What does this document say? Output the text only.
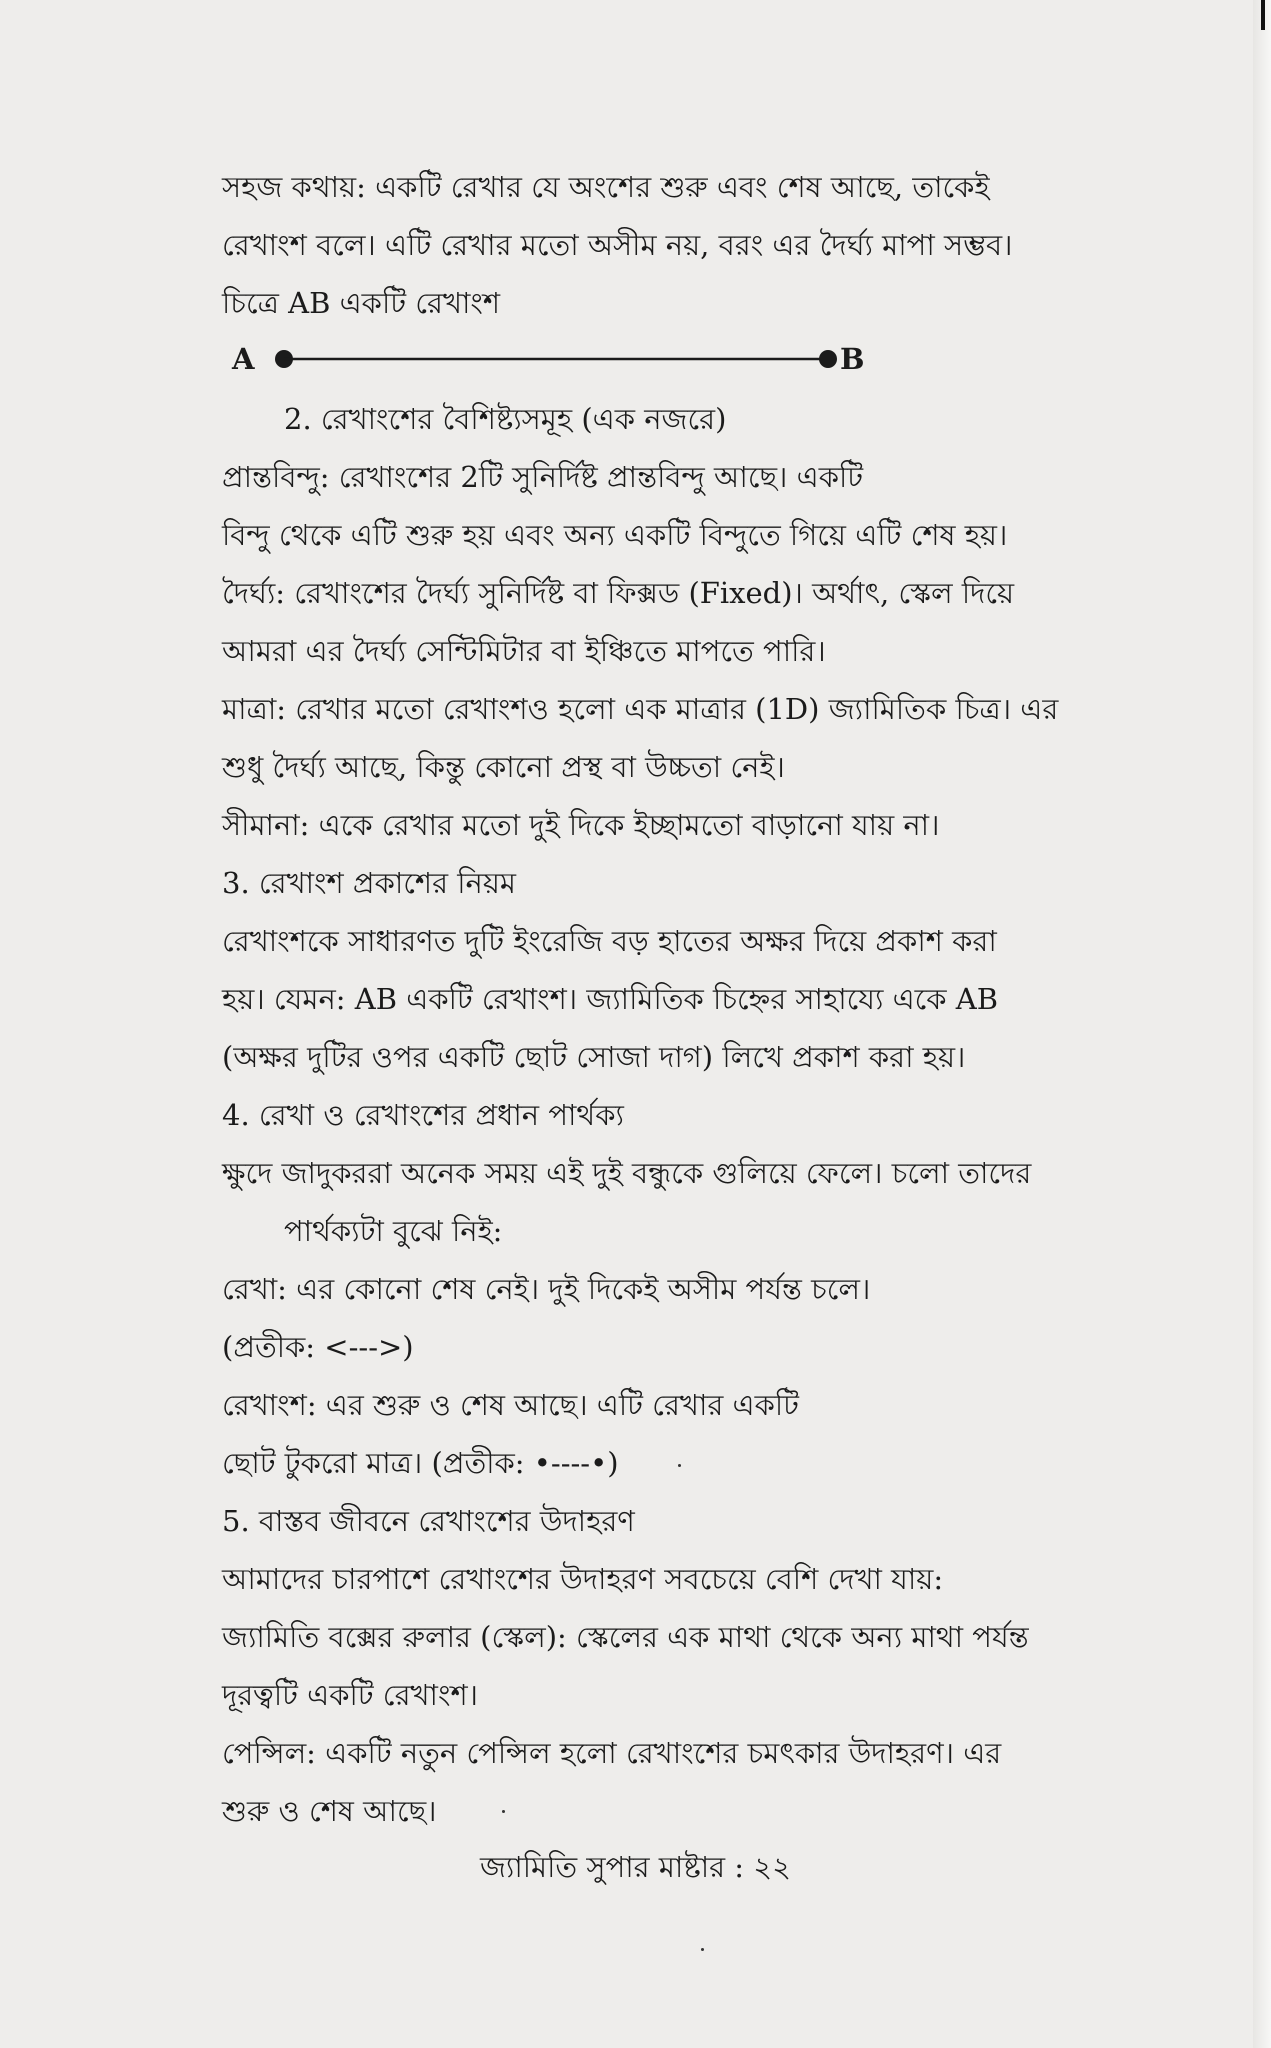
সহজ কথায়: একটি রেখার যে অংশের শুরু এবং শেষ আছে, তাকেই
রেখাংশ বলে। এটি রেখার মতো অসীম নয়, বরং এর দৈর্ঘ্য মাপা সম্ভব।
চিত্রে AB একটি রেখাংশ
A	B
2. রেখাংশের বৈশিষ্ট্যসমূহ (এক নজরে)
প্রান্তবিন্দু: রেখাংশের 2টি সুনির্দিষ্ট প্রান্তবিন্দু আছে। একটি
বিন্দু থেকে এটি শুরু হয় এবং অন্য একটি বিন্দুতে গিয়ে এটি শেষ হয়।
দৈর্ঘ্য: রেখাংশের দৈর্ঘ্য সুনির্দিষ্ট বা ফিক্সড (Fixed)। অর্থাৎ, স্কেল দিয়ে
আমরা এর দৈর্ঘ্য সেন্টিমিটার বা ইঞ্চিতে মাপতে পারি।
মাত্রা: রেখার মতো রেখাংশও হলো এক মাত্রার (1D) জ্যামিতিক চিত্র। এর
শুধু দৈর্ঘ্য আছে, কিন্তু কোনো প্রস্থ বা উচ্চতা নেই।
সীমানা: একে রেখার মতো দুই দিকে ইচ্ছামতো বাড়ানো যায় না।
3. রেখাংশ প্রকাশের নিয়ম
রেখাংশকে সাধারণত দুটি ইংরেজি বড় হাতের অক্ষর দিয়ে প্রকাশ করা
হয়। যেমন: AB একটি রেখাংশ। জ্যামিতিক চিহ্নের সাহায্যে একে AB
(অক্ষর দুটির ওপর একটি ছোট সোজা দাগ) লিখে প্রকাশ করা হয়।
4. রেখা ও রেখাংশের প্রধান পার্থক্য
ক্ষুদে জাদুকররা অনেক সময় এই দুই বন্ধুকে গুলিয়ে ফেলে। চলো তাদের
পার্থক্যটা বুঝে নিই:
রেখা: এর কোনো শেষ নেই। দুই দিকেই অসীম পর্যন্ত চলে।
(প্রতীক: <--->)
রেখাংশ: এর শুরু ও শেষ আছে। এটি রেখার একটি
ছোট টুকরো মাত্র। (প্রতীক: •----•)
5. বাস্তব জীবনে রেখাংশের উদাহরণ
আমাদের চারপাশে রেখাংশের উদাহরণ সবচেয়ে বেশি দেখা যায়:
জ্যামিতি বক্সের রুলার (স্কেল): স্কেলের এক মাথা থেকে অন্য মাথা পর্যন্ত
দূরত্বটি একটি রেখাংশ।
পেন্সিল: একটি নতুন পেন্সিল হলো রেখাংশের চমৎকার উদাহরণ। এর
শুরু ও শেষ আছে।
জ্যামিতি সুপার মাষ্টার : ২২
